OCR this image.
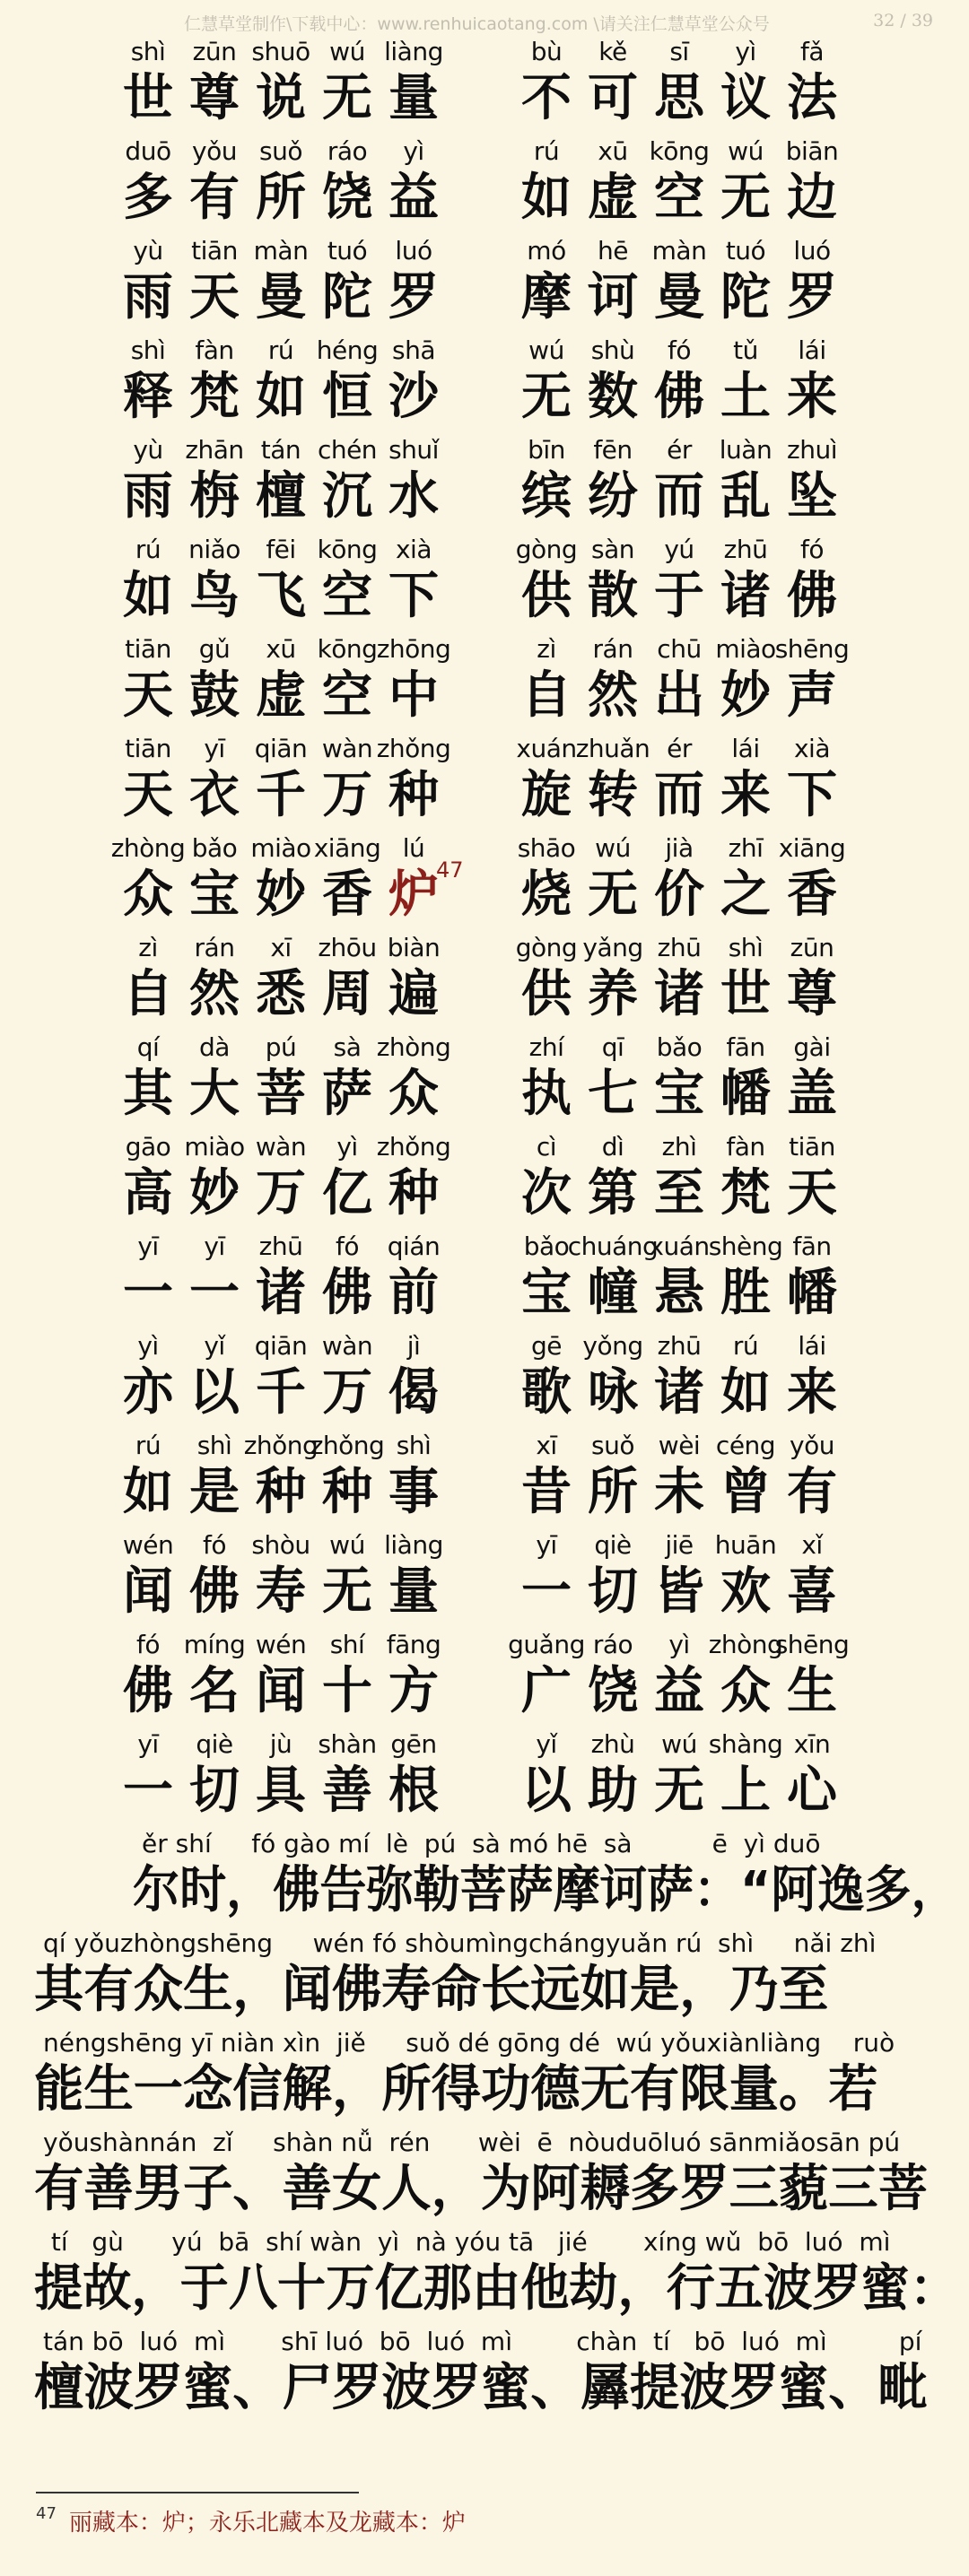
仁慧草堂制作\下载中心：www.renhuicaotang.com \请关注仁慧草堂公众号	32 / 39
shì
世
zūn
尊
shuō
说
wú
无
liàng
量
bù
不
kě
可
sī
思
yì
议
fǎ
法
duō
多
yǒu
有
suǒ
所
ráo
饶
yì
益
rú
如
xū
虚
kōng
空
wú
无
biān
边
yù
雨
tiān
天
màn
曼
tuó
陀
luó
罗
mó
摩
hē
诃
màn
曼
tuó
陀
luó
罗
shì
释
fàn
梵
rú
如
héng
恒
shā
沙
wú
无
shù
数
fó
佛
tǔ
土
lái
来
yù
雨
zhān
栴
tán
檀
chén
沉
shuǐ
水
bīn
缤
fēn
纷
ér
而
luàn
乱
zhuì
坠
rú
如
niǎo
鸟
fēi
飞
kōng
空
xià
下
gòng
供
sàn
散
yú
于
zhū
诸
fó
佛
tiān
天
gǔ
鼓
xū
虚
kōng
空
zhōng
中
zì
自
rán
然
chū
出
miào
妙
shēng
声
tiān
天
yī
衣
qiān
千
wàn
万
zhǒng
种
xuán
旋
zhuǎn
转
ér
而
lái
来
xià
下
zhòng
众
bǎo
宝
miào
妙
xiāng
香
lú
炉
47
shāo
烧
wú
无
jià
价
zhī
之
xiāng
香
zì
自
rán
然
xī
悉
zhōu
周
biàn
遍
gòng
供
yǎng
养
zhū
诸
shì
世
zūn
尊
qí
其
dà
大
pú
菩
sà
萨
zhòng
众
zhí
执
qī
七
bǎo
宝
fān
幡
gài
盖
gāo
高
miào
妙
wàn
万
yì
亿
zhǒng
种
cì
次
dì
第
zhì
至
fàn
梵
tiān
天
yī
一
yī
一
zhū
诸
fó
佛
qián
前
bǎo
宝
chuáng
幢
xuán
悬
shèng
胜
fān
幡
yì
亦
yǐ
以
qiān
千
wàn
万
jì
偈
gē
歌
yǒng
咏
zhū
诸
rú
如
lái
来
rú
如
shì
是
zhǒng
种
zhǒng
种
shì
事
xī
昔
suǒ
所
wèi
未
céng
曾
yǒu
有
wén
闻
fó
佛
shòu
寿
wú
无
liàng
量
yī
一
qiè
切
jiē
皆
huān
欢
xǐ
喜
fó
佛
míng
名
wén
闻
shí
十
fāng
方
guǎng
广
ráo
饶
yì
益
zhòng
众
shēng
生
yī
一
qiè
切
jù
具
shàn
善
gēn
根
yǐ
以
zhù
助
wú
无
shàng
上
xīn
心
ěr shí     fó gào mí  lè  pú  sà mó hē  sà          ē  yì duō
尔时，佛告弥勒菩萨摩诃萨：“阿逸多，
qí yǒuzhòngshēng     wén fó shòumìngchángyuǎn rú  shì     nǎi zhì
其有众生，闻佛寿命长远如是，乃至
néngshēng yī niàn xìn  jiě     suǒ dé gōng dé  wú yǒuxiànliàng    ruò
能生一念信解，所得功德无有限量。若
yǒushànnán  zǐ     shàn nǚ  rén      wèi  ē  nòuduōluó sānmiǎosān pú
有善男子、善女人，为阿耨多罗三藐三菩
tí   gù      yú  bā  shí wàn  yì  nà yóu tā   jié       xíng wǔ  bō  luó  mì
提故，于八十万亿那由他劫，行五波罗蜜：
tán bō  luó  mì       shī luó  bō  luó  mì        chàn  tí   bō  luó  mì         pí
檀波罗蜜、尸罗波罗蜜、羼提波罗蜜、毗
$^{47}$ 丽藏本：炉；永乐北藏本及龙藏本：炉
